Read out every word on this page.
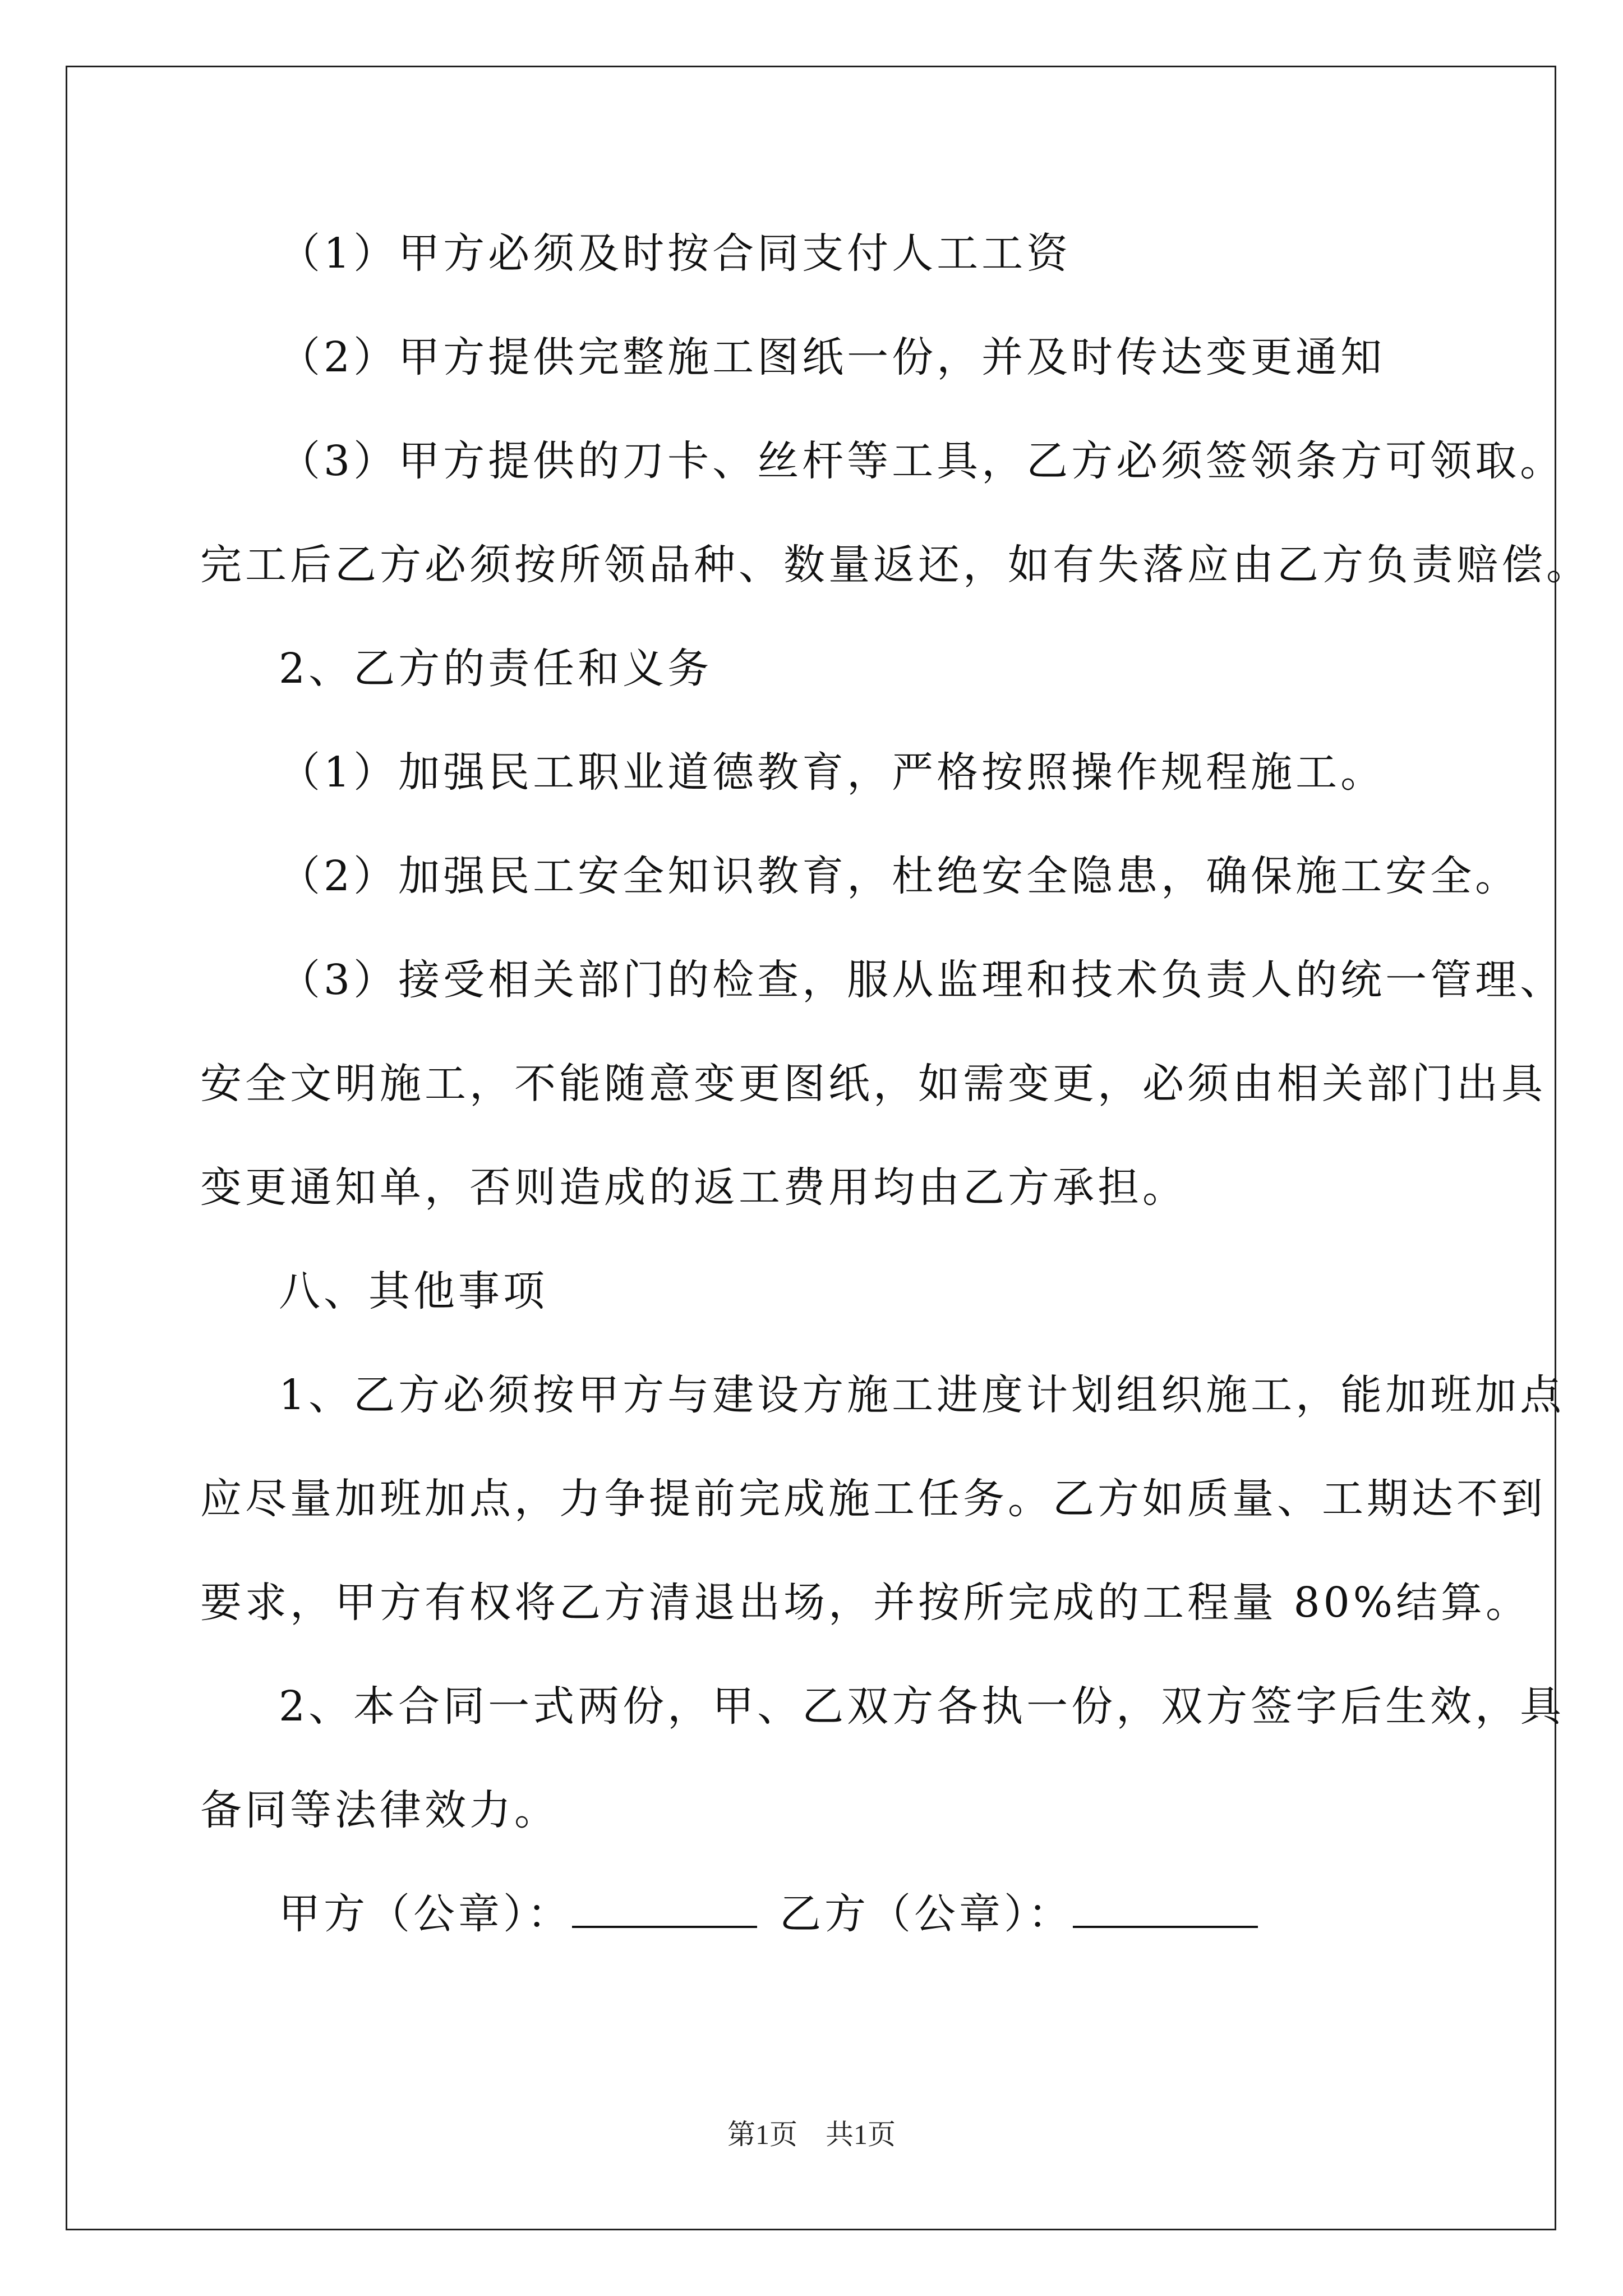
（1）甲方必须及时按合同支付人工工资
（2）甲方提供完整施工图纸一份，并及时传达变更通知
（3）甲方提供的刀卡、丝杆等工具，乙方必须签领条方可领取。
完工后乙方必须按所领品种、数量返还，如有失落应由乙方负责赔偿。
2、乙方的责任和义务
（1）加强民工职业道德教育，严格按照操作规程施工。
（2）加强民工安全知识教育，杜绝安全隐患，确保施工安全。
（3）接受相关部门的检查，服从监理和技术负责人的统一管理、
安全文明施工，不能随意变更图纸，如需变更，必须由相关部门出具
变更通知单，否则造成的返工费用均由乙方承担。
八、其他事项
1、乙方必须按甲方与建设方施工进度计划组织施工，能加班加点
应尽量加班加点，力争提前完成施工任务。乙方如质量、工期达不到
要求，甲方有权将乙方清退出场，并按所完成的工程量 80%结算。
2、本合同一式两份，甲、乙双方各执一份，双方签字后生效，具
备同等法律效力。
甲方（公章）：	乙方（公章）：
第1页 共1页
